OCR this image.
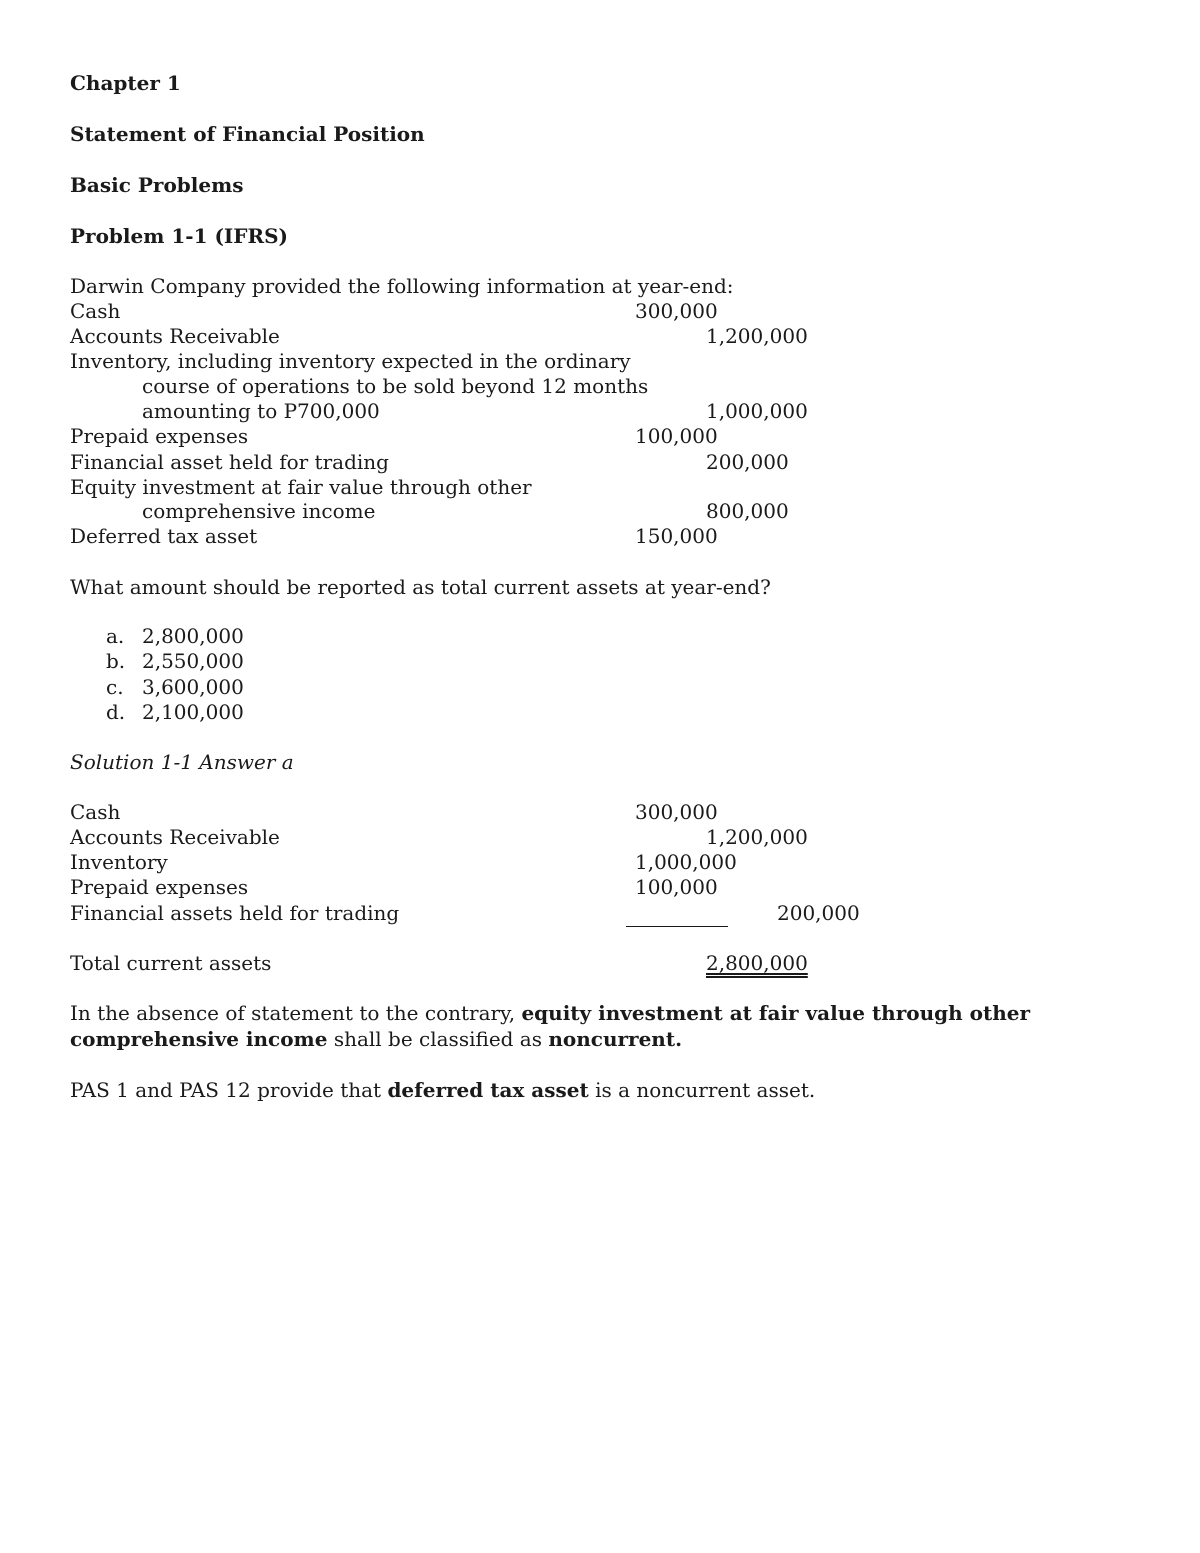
Chapter 1
Statement of Financial Position
Basic Problems
Problem 1-1 (IFRS)
Darwin Company provided the following information at year-end:
Cash	300,000
Accounts Receivable	1,200,000
Inventory, including inventory expected in the ordinary
course of operations to be sold beyond 12 months
amounting to P700,000	1,000,000
Prepaid expenses	100,000
Financial asset held for trading	200,000
Equity investment at fair value through other
comprehensive income	800,000
Deferred tax asset	150,000
What amount should be reported as total current assets at year-end?
a. 2,800,000
b. 2,550,000
c. 3,600,000
d. 2,100,000
Solution 1-1 Answer a
Cash	300,000
Accounts Receivable	1,200,000
Inventory	1,000,000
Prepaid expenses	100,000
Financial assets held for trading	200,000
Total current assets	2,800,000
In the absence of statement to the contrary, equity investment at fair value through other
comprehensive income shall be classified as noncurrent.
PAS 1 and PAS 12 provide that deferred tax asset is a noncurrent asset.
